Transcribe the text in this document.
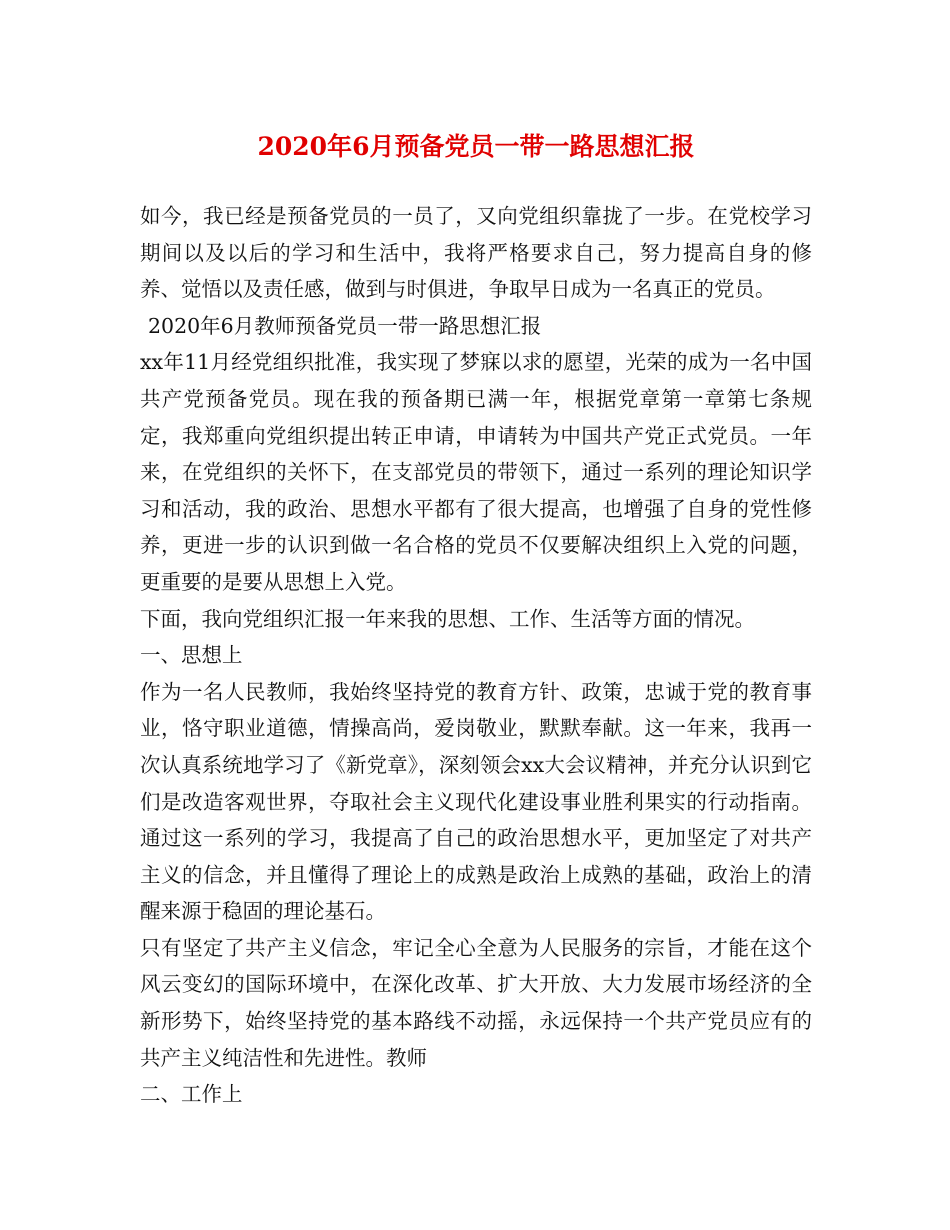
2020年6月预备党员一带一路思想汇报

如今，我已经是预备党员的一员了，又向党组织靠拢了一步。在党校学习期间以及以后的学习和生活中，我将严格要求自己，努力提高自身的修养、觉悟以及责任感，做到与时俱进，争取早日成为一名真正的党员。

2020年6月教师预备党员一带一路思想汇报

xx年11月经党组织批准，我实现了梦寐以求的愿望，光荣的成为一名中国共产党预备党员。现在我的预备期已满一年，根据党章第一章第七条规定，我郑重向党组织提出转正申请，申请转为中国共产党正式党员。一年来，在党组织的关怀下，在支部党员的带领下，通过一系列的理论知识学习和活动，我的政治、思想水平都有了很大提高，也增强了自身的党性修养，更进一步的认识到做一名合格的党员不仅要解决组织上入党的问题，更重要的是要从思想上入党。

下面，我向党组织汇报一年来我的思想、工作、生活等方面的情况。

一、思想上

作为一名人民教师，我始终坚持党的教育方针、政策，忠诚于党的教育事业，恪守职业道德，情操高尚，爱岗敬业，默默奉献。这一年来，我再一次认真系统地学习了《新党章》，深刻领会xx大会议精神，并充分认识到它们是改造客观世界，夺取社会主义现代化建设事业胜利果实的行动指南。通过这一系列的学习，我提高了自己的政治思想水平，更加坚定了对共产主义的信念，并且懂得了理论上的成熟是政治上成熟的基础，政治上的清醒来源于稳固的理论基石。

只有坚定了共产主义信念，牢记全心全意为人民服务的宗旨，才能在这个风云变幻的国际环境中，在深化改革、扩大开放、大力发展市场经济的全新形势下，始终坚持党的基本路线不动摇，永远保持一个共产党员应有的共产主义纯洁性和先进性。教师

二、工作上
